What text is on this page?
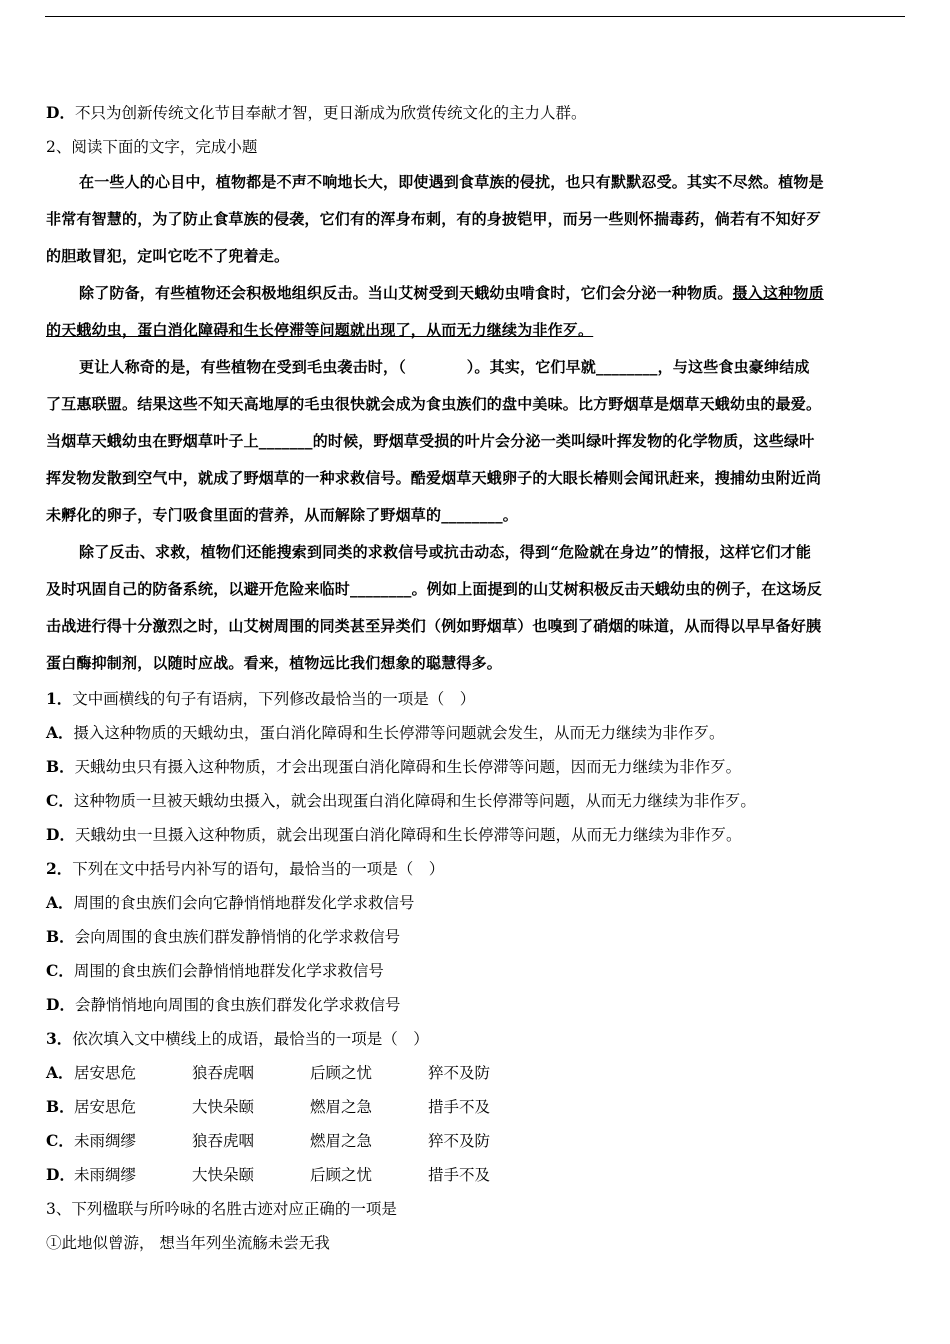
D．不只为创新传统文化节目奉献才智，更日渐成为欣赏传统文化的主力人群。
2、阅读下面的文字，完成小题
在一些人的心目中，植物都是不声不响地长大，即使遇到食草族的侵扰，也只有默默忍受。其实不尽然。植物是
非常有智慧的，为了防止食草族的侵袭，它们有的浑身布刺，有的身披铠甲，而另一些则怀揣毒药，倘若有不知好歹
的胆敢冒犯，定叫它吃不了兜着走。
除了防备，有些植物还会积极地组织反击。当山艾树受到天蛾幼虫啃食时，它们会分泌一种物质。摄入这种物质
的天蛾幼虫，蛋白消化障碍和生长停滞等问题就出现了，从而无力继续为非作歹。
更让人称奇的是，有些植物在受到毛虫袭击时，（　　　　）。其实，它们早就________，与这些食虫豪绅结成
了互惠联盟。结果这些不知天高地厚的毛虫很快就会成为食虫族们的盘中美味。比方野烟草是烟草天蛾幼虫的最爱。
当烟草天蛾幼虫在野烟草叶子上_______的时候，野烟草受损的叶片会分泌一类叫绿叶挥发物的化学物质，这些绿叶
挥发物发散到空气中，就成了野烟草的一种求救信号。酷爱烟草天蛾卵子的大眼长椿则会闻讯赶来，搜捕幼虫附近尚
未孵化的卵子，专门吸食里面的营养，从而解除了野烟草的________。
除了反击、求救，植物们还能搜索到同类的求救信号或抗击动态，得到“危险就在身边”的情报，这样它们才能
及时巩固自己的防备系统，以避开危险来临时________。例如上面提到的山艾树积极反击天蛾幼虫的例子，在这场反
击战进行得十分激烈之时，山艾树周围的同类甚至异类们（例如野烟草）也嗅到了硝烟的味道，从而得以早早备好胰
蛋白酶抑制剂，以随时应战。看来，植物远比我们想象的聪慧得多。
1．文中画横线的句子有语病，下列修改最恰当的一项是（　）
A．摄入这种物质的天蛾幼虫，蛋白消化障碍和生长停滞等问题就会发生，从而无力继续为非作歹。
B．天蛾幼虫只有摄入这种物质，才会出现蛋白消化障碍和生长停滞等问题，因而无力继续为非作歹。
C．这种物质一旦被天蛾幼虫摄入，就会出现蛋白消化障碍和生长停滞等问题，从而无力继续为非作歹。
D．天蛾幼虫一旦摄入这种物质，就会出现蛋白消化障碍和生长停滞等问题，从而无力继续为非作歹。
2．下列在文中括号内补写的语句，最恰当的一项是（　）
A．周围的食虫族们会向它静悄悄地群发化学求救信号
B．会向周围的食虫族们群发静悄悄的化学求救信号
C．周围的食虫族们会静悄悄地群发化学求救信号
D．会静悄悄地向周围的食虫族们群发化学求救信号
3．依次填入文中横线上的成语，最恰当的一项是（　）
A．居安思危	狼吞虎咽	后顾之忧	猝不及防
B．居安思危	大快朵颐	燃眉之急	措手不及
C．未雨绸缪	狼吞虎咽	燃眉之急	猝不及防
D．未雨绸缪	大快朵颐	后顾之忧	措手不及
3、下列楹联与所吟咏的名胜古迹对应正确的一项是
①此地似曾游， 想当年列坐流觞未尝无我
